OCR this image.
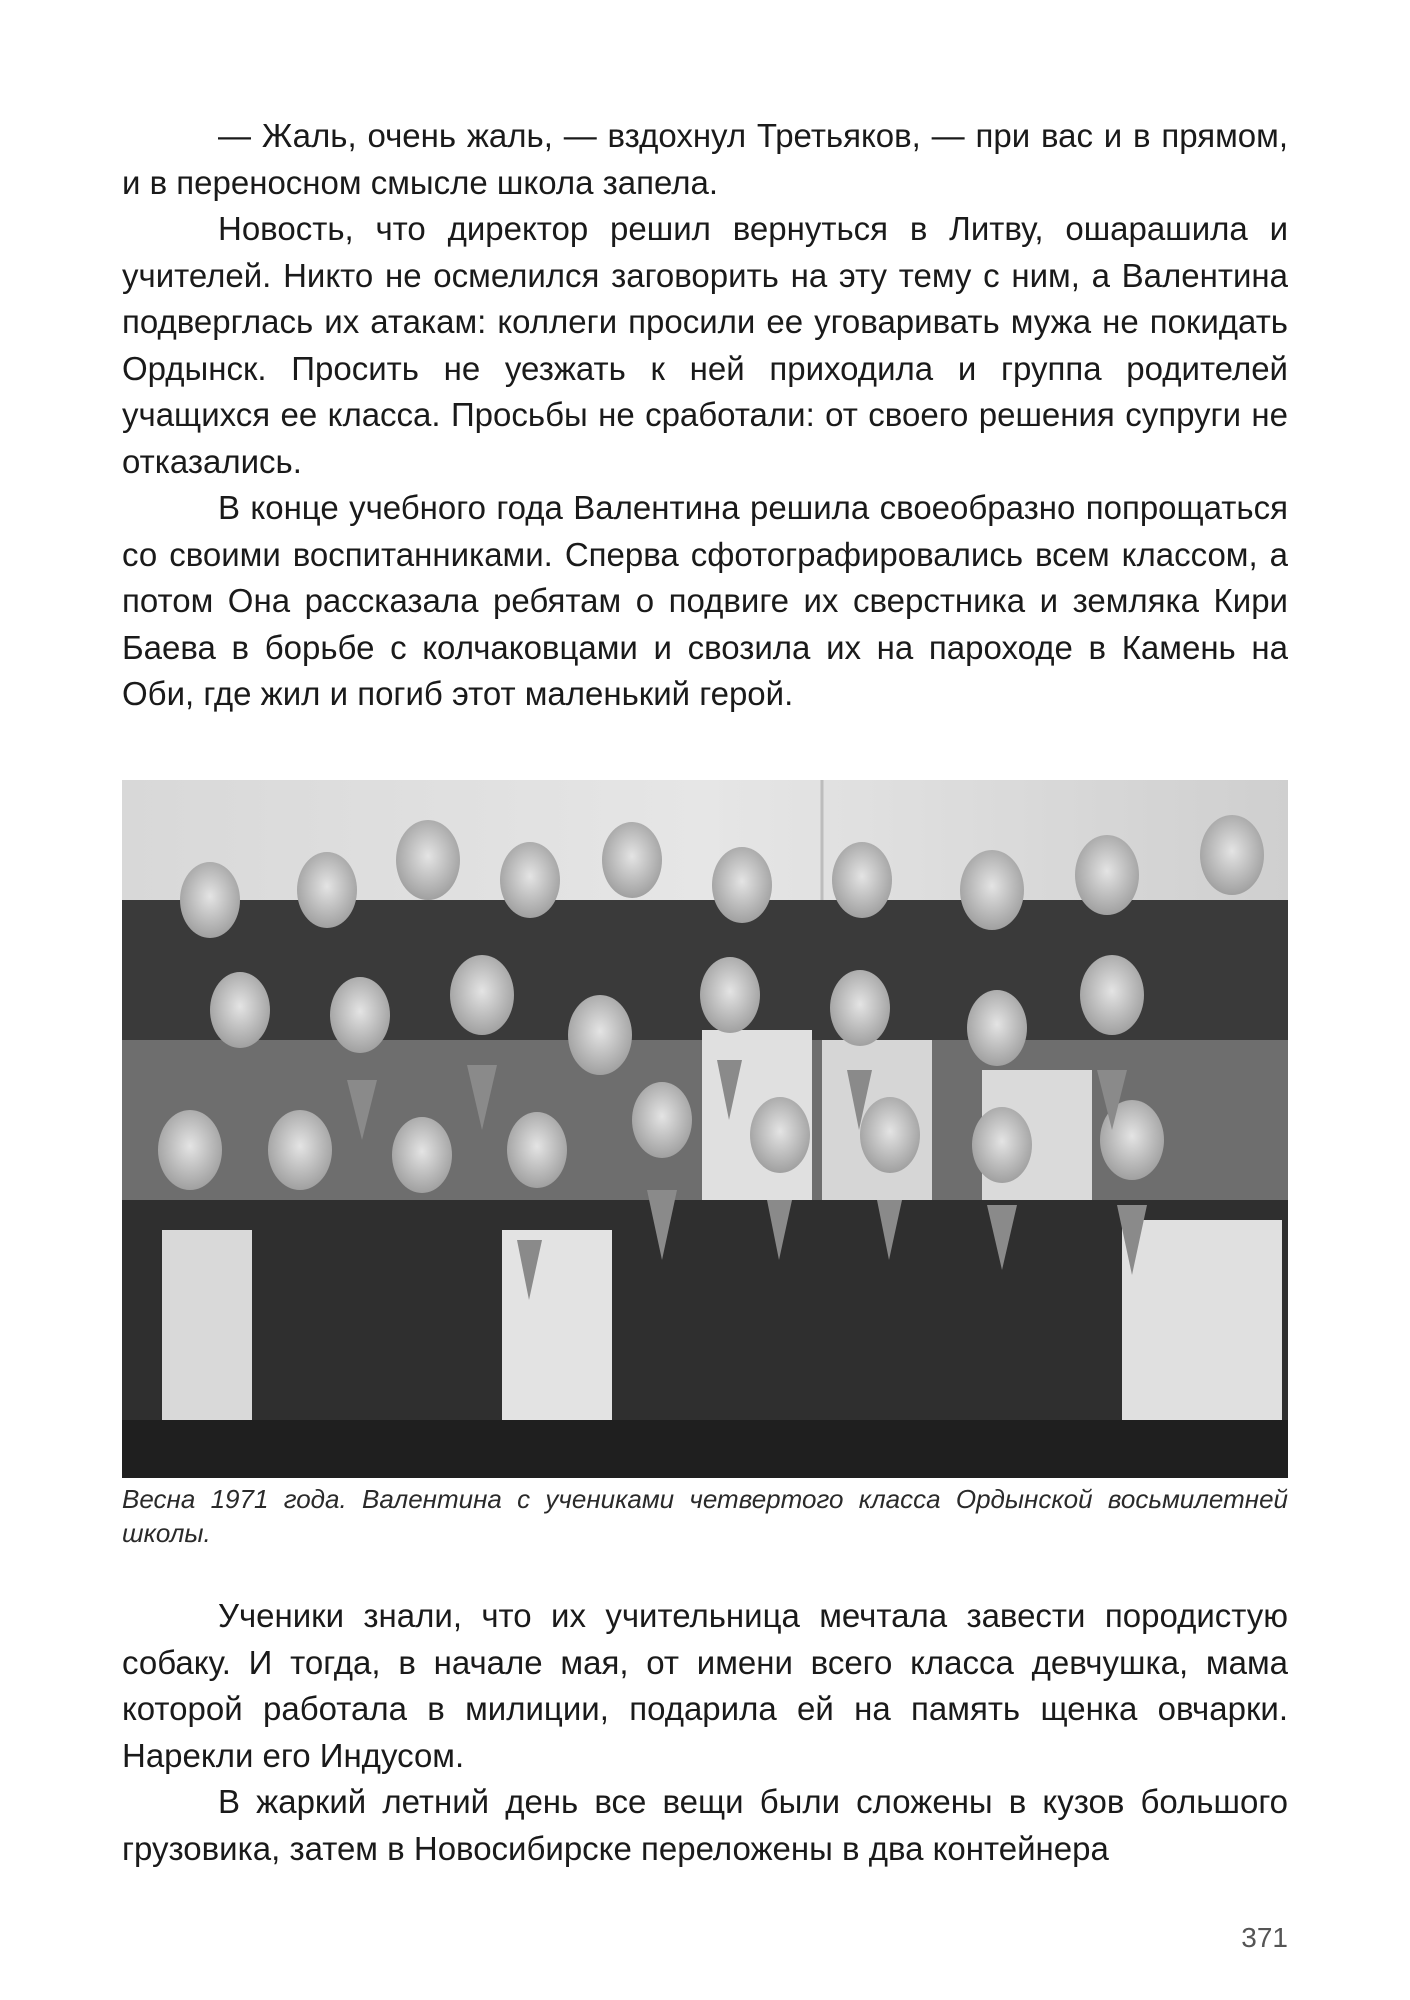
— Жаль, очень жаль, — вздохнул Третьяков, — при вас и в прямом, и в переносном смысле школа запела.

Новость, что директор решил вернуться в Литву, ошарашила и учителей. Никто не осмелился заговорить на эту тему с ним, а Валентина подверглась их атакам: коллеги просили ее уговаривать мужа не покидать Ордынск. Просить не уезжать к ней приходила и группа родителей учащихся ее класса. Просьбы не сработали: от своего решения супруги не отказались.

В конце учебного года Валентина решила своеобразно попрощаться со своими воспитанниками. Сперва сфотографировались всем классом, а потом Она рассказала ребятам о подвиге их сверстника и земляка Кири Баева в борьбе с колчаковцами и свозила их на пароходе в Камень на Оби, где жил и погиб этот маленький герой.

Весна 1971 года. Валентина с учениками четвертого класса Ордынской восьмилетней школы.

Ученики знали, что их учительница мечтала завести породистую собаку. И тогда, в начале мая, от имени всего класса девчушка, мама которой работала в милиции, подарила ей на память щенка овчарки. Нарекли его Индусом.

В жаркий летний день все вещи были сложены в кузов большого грузовика, затем в Новосибирске переложены в два контейнера

371
